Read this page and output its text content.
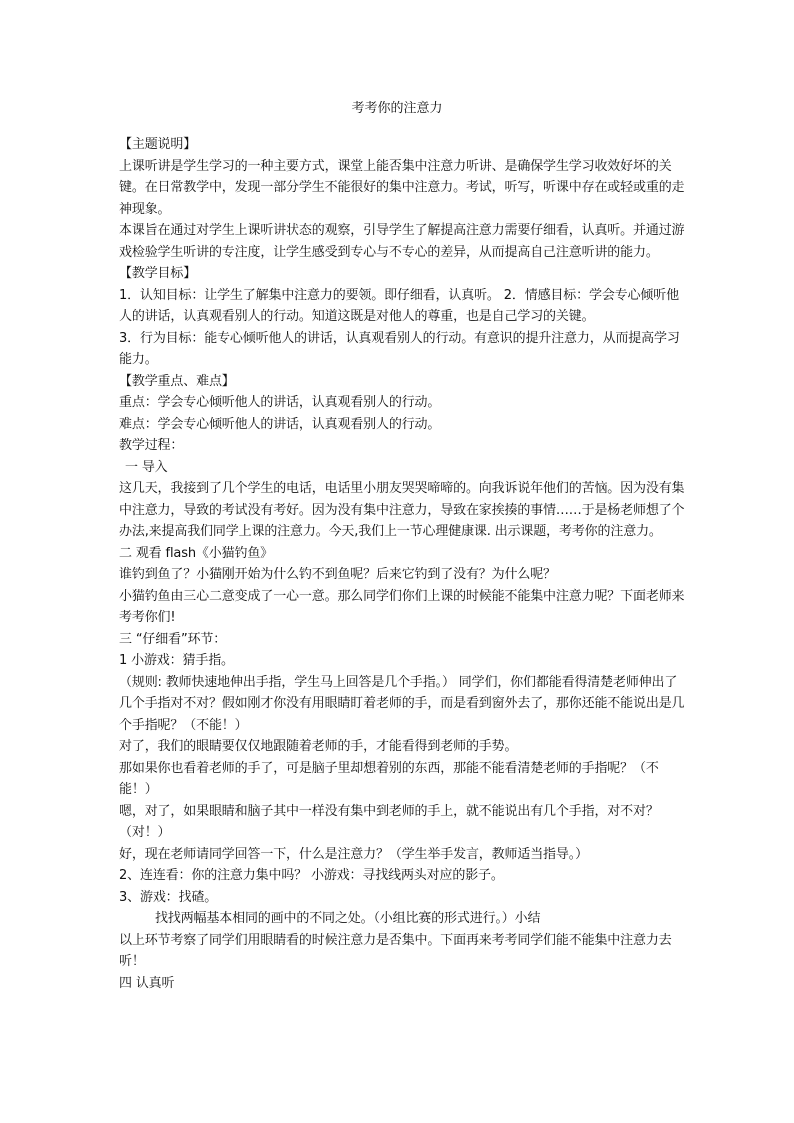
考考你的注意力

【主题说明】

上课听讲是学生学习的一种主要方式，课堂上能否集中注意力听讲、是确保学生学习收效好坏的关键。在日常教学中，发现一部分学生不能很好的集中注意力。考试，听写，听课中存在或轻或重的走神现象。

本课旨在通过对学生上课听讲状态的观察，引导学生了解提高注意力需要仔细看，认真听。并通过游戏检验学生听讲的专注度，让学生感受到专心与不专心的差异，从而提高自己注意听讲的能力。

【教学目标】

1．认知目标：让学生了解集中注意力的要领。即仔细看，认真听。 2．情感目标：学会专心倾听他人的讲话，认真观看别人的行动。知道这既是对他人的尊重，也是自己学习的关键。

3．行为目标：能专心倾听他人的讲话，认真观看别人的行动。有意识的提升注意力，从而提高学习能力。

【教学重点、难点】

重点：学会专心倾听他人的讲话，认真观看别人的行动。

难点：学会专心倾听他人的讲话，认真观看别人的行动。

教学过程：

一 导入

这几天，我接到了几个学生的电话，电话里小朋友哭哭啼啼的。向我诉说年他们的苦恼。因为没有集中注意力，导致的考试没有考好。因为没有集中注意力，导致在家挨揍的事情……于是杨老师想了个办法,来提高我们同学上课的注意力。今天,我们上一节心理健康课. 出示课题，考考你的注意力。

二 观看 flash《小猫钓鱼》

谁钓到鱼了？小猫刚开始为什么钓不到鱼呢？后来它钓到了没有？为什么呢？

小猫钓鱼由三心二意变成了一心一意。那么同学们你们上课的时候能不能集中注意力呢？下面老师来考考你们!

三 “仔细看”环节：

1 小游戏：猜手指。

（规则: 教师快速地伸出手指，学生马上回答是几个手指。） 同学们，你们都能看得清楚老师伸出了几个手指对不对？假如刚才你没有用眼睛盯着老师的手，而是看到窗外去了，那你还能不能说出是几个手指呢？（不能！）

对了，我们的眼睛要仅仅地跟随着老师的手，才能看得到老师的手势。

那如果你也看着老师的手了，可是脑子里却想着别的东西，那能不能看清楚老师的手指呢？（不能！）

嗯，对了，如果眼睛和脑子其中一样没有集中到老师的手上，就不能说出有几个手指，对不对？（对！）

好，现在老师请同学回答一下，什么是注意力？（学生举手发言，教师适当指导。）

2、连连看：你的注意力集中吗？ 小游戏：寻找线两头对应的影子。

3、游戏：找碴。

找找两幅基本相同的画中的不同之处。（小组比赛的形式进行。）小结

以上环节考察了同学们用眼睛看的时候注意力是否集中。下面再来考考同学们能不能集中注意力去听！

四 认真听
